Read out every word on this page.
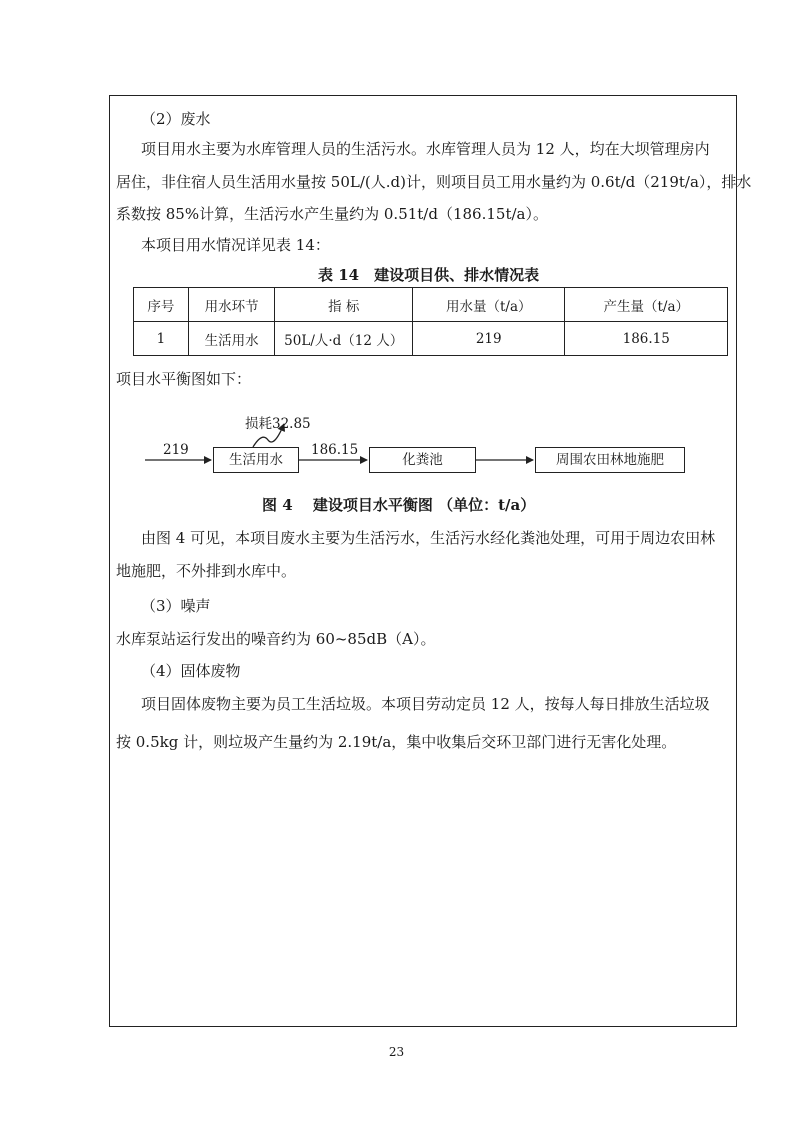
（2）废水
项目用水主要为水库管理人员的生活污水。水库管理人员为 12 人，均在大坝管理房内
居住，非住宿人员生活用水量按 50L/(人.d)计，则项目员工用水量约为 0.6t/d（219t/a），排水
系数按 85%计算，生活污水产生量约为 0.51t/d（186.15t/a）。
本项目用水情况详见表 14：
表 14　建设项目供、排水情况表
序号	用水环节	指 标	用水量（t/a）	产生量（t/a）
1	生活用水	50L/人·d（12 人）	219	186.15
项目水平衡图如下：
219
损耗32.85
186.15
生活用水	化粪池	周围农田林地施肥
图 4　 建设项目水平衡图 （单位：t/a）
由图 4 可见，本项目废水主要为生活污水，生活污水经化粪池处理，可用于周边农田林
地施肥，不外排到水库中。
（3）噪声
水库泵站运行发出的噪音约为 60~85dB（A）。
（4）固体废物
项目固体废物主要为员工生活垃圾。本项目劳动定员 12 人，按每人每日排放生活垃圾
按 0.5kg 计，则垃圾产生量约为 2.19t/a，集中收集后交环卫部门进行无害化处理。
23
